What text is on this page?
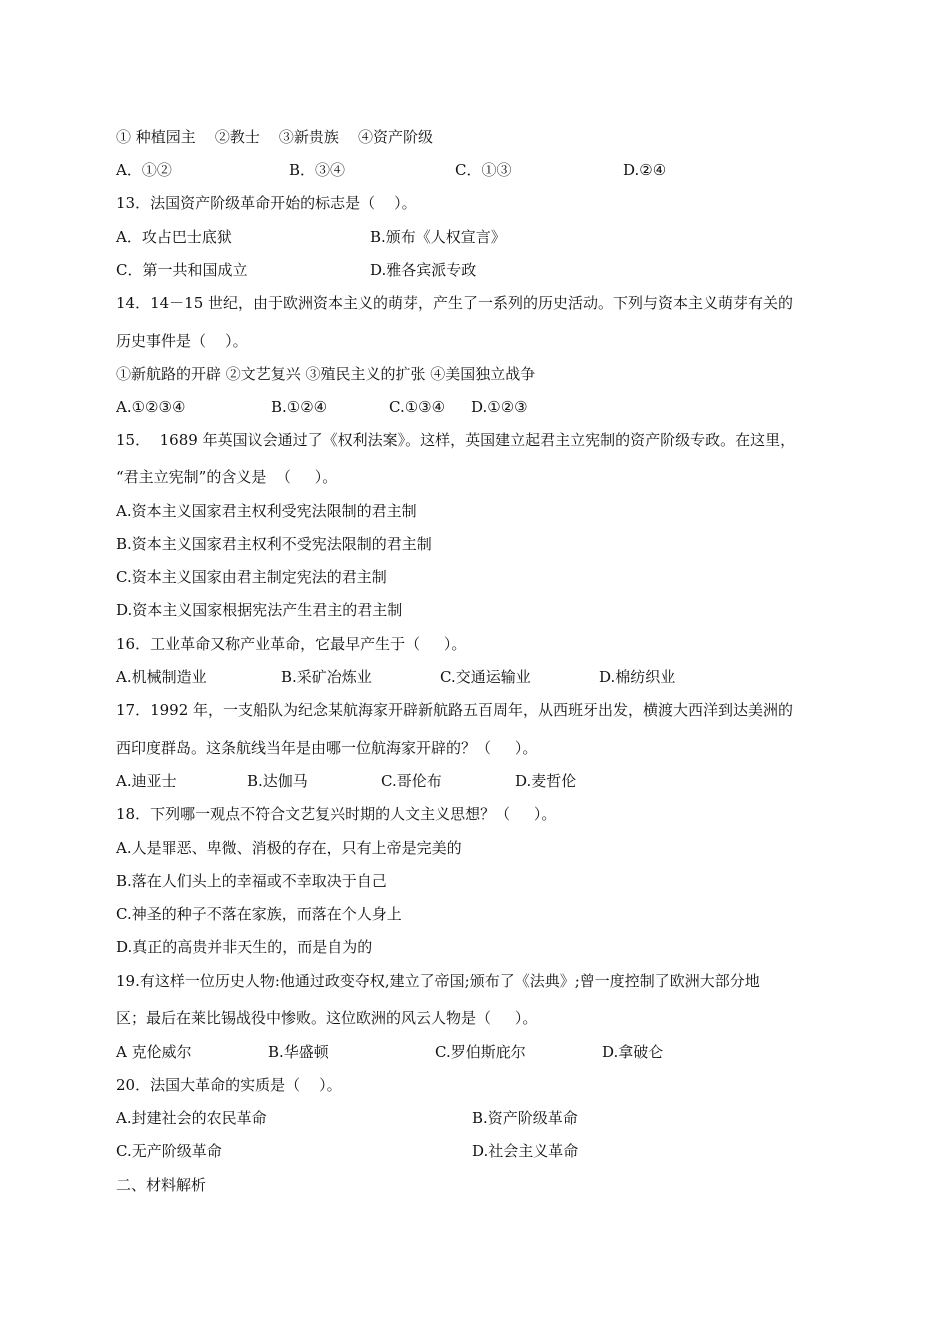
① 种植园主    ②教士    ③新贵族    ④资产阶级
A．①②	B．③④	C．①③	D.②④
13．法国资产阶级革命开始的标志是（    ）。
A．攻占巴士底狱	B.颁布《人权宣言》
C．第一共和国成立	D.雅各宾派专政
14．14－15 世纪，由于欧洲资本主义的萌芽，产生了一系列的历史活动。下列与资本主义萌芽有关的
历史事件是（    ）。
①新航路的开辟 ②文艺复兴 ③殖民主义的扩张 ④美国独立战争
A.①②③④	B.①②④	C.①③④ D.①②③
15．  1689 年英国议会通过了《权利法案》。这样，英国建立起君主立宪制的资产阶级专政。在这里，
“君主立宪制”的含义是  （     ）。
A.资本主义国家君主权利受宪法限制的君主制
B.资本主义国家君主权利不受宪法限制的君主制
C.资本主义国家由君主制定宪法的君主制
D.资本主义国家根据宪法产生君主的君主制
16．工业革命又称产业革命，它最早产生于（     ）。
A.机械制造业	B.采矿冶炼业	C.交通运输业	D.棉纺织业
17．1992 年，一支船队为纪念某航海家开辟新航路五百周年，从西班牙出发，横渡大西洋到达美洲的
西印度群岛。这条航线当年是由哪一位航海家开辟的？（     ）。
A.迪亚士	B.达伽马	C.哥伦布	D.麦哲伦
18．下列哪一观点不符合文艺复兴时期的人文主义思想？（     ）。
A.人是罪恶、卑微、消极的存在，只有上帝是完美的
B.落在人们头上的幸福或不幸取决于自己
C.神圣的种子不落在家族，而落在个人身上
D.真正的高贵并非天生的，而是自为的
19.有这样一位历史人物:他通过政变夺权,建立了帝国;颁布了《法典》;曾一度控制了欧洲大部分地
区；最后在莱比锡战役中惨败。这位欧洲的风云人物是（     ）。
A 克伦威尔	B.华盛顿	C.罗伯斯庇尔	D.拿破仑
20．法国大革命的实质是（    ）。
A.封建社会的农民革命	B.资产阶级革命
C.无产阶级革命	D.社会主义革命
二、材料解析
